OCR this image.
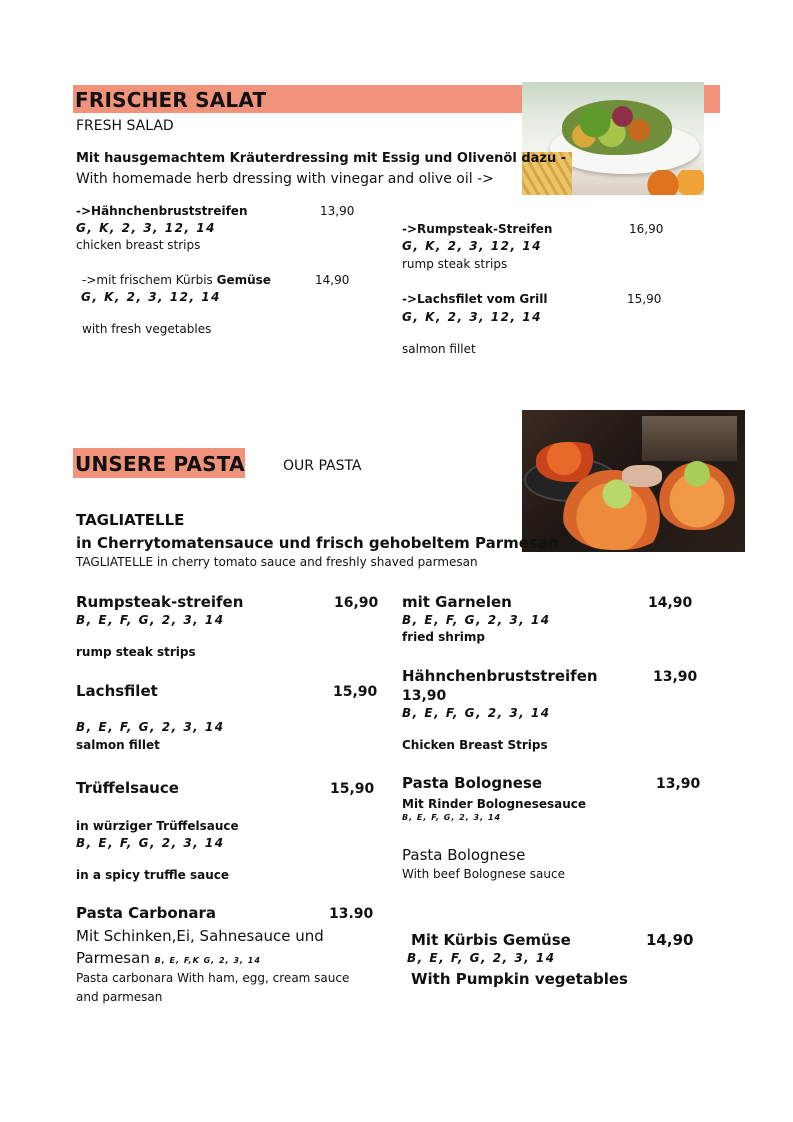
FRISCHER SALAT
FRESH SALAD
Mit hausgemachtem Kräuterdressing mit Essig und Olivenöl dazu -
With homemade herb dressing with vinegar and olive oil ->
->Hähnchenbruststreifen	13,90
G, K, 2, 3, 12, 14
chicken breast strips
->mit frischem Kürbis Gemüse	14,90
G, K, 2, 3, 12, 14
with fresh vegetables
->Rumpsteak-Streifen	16,90
G, K, 2, 3, 12, 14
rump steak strips
->Lachsfilet vom Grill	15,90
G, K, 2, 3, 12, 14
salmon fillet
UNSERE PASTA	OUR PASTA
TAGLIATELLE
in Cherrytomatensauce und frisch gehobeltem Parmesan
TAGLIATELLE in cherry tomato sauce and freshly shaved parmesan
Rumpsteak-streifen	16,90
B, E, F, G, 2, 3, 14
rump steak strips
Lachsfilet	15,90
B, E, F, G, 2, 3, 14
salmon fillet
Trüffelsauce	15,90
in würziger Trüffelsauce
B, E, F, G, 2, 3, 14
in a spicy truffle sauce
Pasta Carbonara	13.90
Mit Schinken,Ei, Sahnesauce und
Parmesan B, E, F,K G, 2, 3, 14
Pasta carbonara With ham, egg, cream sauce
and parmesan
mit Garnelen	14,90
B, E, F, G, 2, 3, 14
fried shrimp
Hähnchenbruststreifen	13,90
13,90
B, E, F, G, 2, 3, 14
Chicken Breast Strips
Pasta Bolognese	13,90
Mit Rinder Bolognesesauce
B, E, F, G, 2, 3, 14
Pasta Bolognese
With beef Bolognese sauce
Mit Kürbis Gemüse	14,90
B, E, F, G, 2, 3, 14
With Pumpkin vegetables
